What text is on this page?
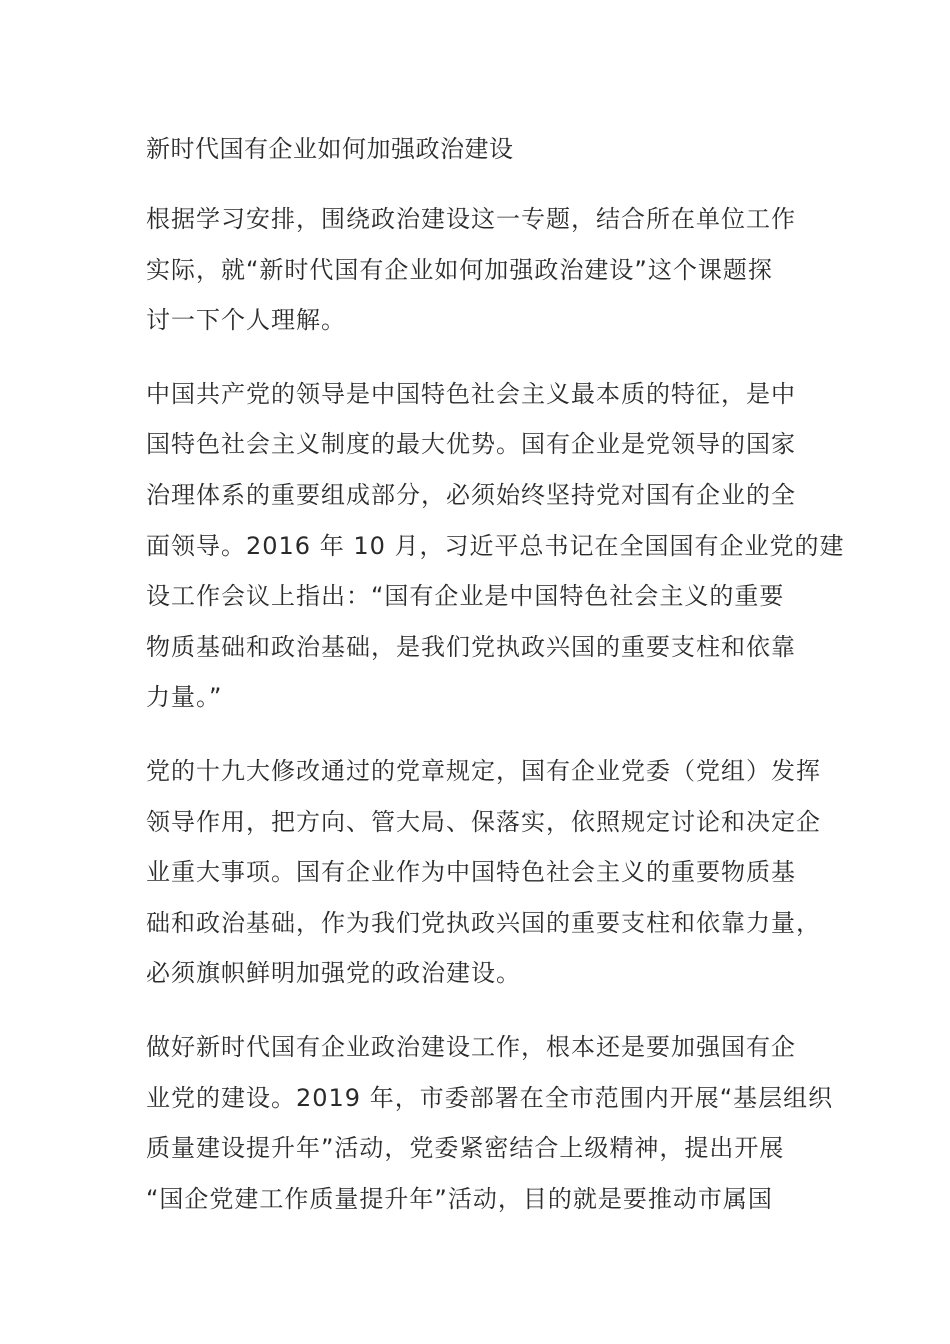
新时代国有企业如何加强政治建设

根据学习安排，围绕政治建设这一专题，结合所在单位工作
实际，就“新时代国有企业如何加强政治建设”这个课题探
讨一下个人理解。

中国共产党的领导是中国特色社会主义最本质的特征，是中
国特色社会主义制度的最大优势。国有企业是党领导的国家
治理体系的重要组成部分，必须始终坚持党对国有企业的全
面领导。2016 年 10 月，习近平总书记在全国国有企业党的建
设工作会议上指出：“国有企业是中国特色社会主义的重要
物质基础和政治基础，是我们党执政兴国的重要支柱和依靠
力量。”

党的十九大修改通过的党章规定，国有企业党委（党组）发挥
领导作用，把方向、管大局、保落实，依照规定讨论和决定企
业重大事项。国有企业作为中国特色社会主义的重要物质基
础和政治基础，作为我们党执政兴国的重要支柱和依靠力量，
必须旗帜鲜明加强党的政治建设。

做好新时代国有企业政治建设工作，根本还是要加强国有企
业党的建设。2019 年，市委部署在全市范围内开展“基层组织
质量建设提升年”活动，党委紧密结合上级精神，提出开展
“国企党建工作质量提升年”活动，目的就是要推动市属国
